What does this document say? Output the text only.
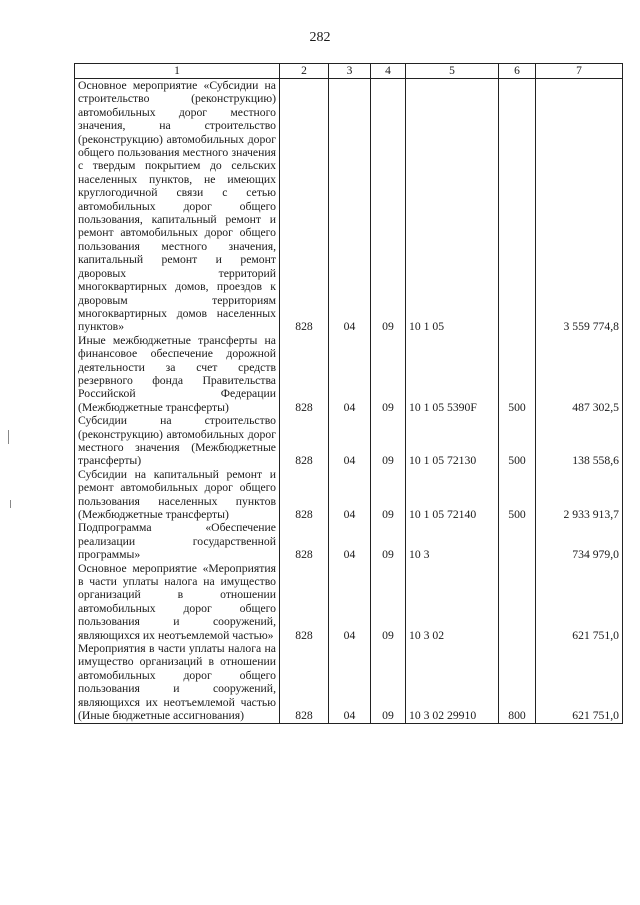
282
1	2	3	4	5	6	7
Основное мероприятие «Субсидии на строительство (реконструкцию) автомобильных дорог местного значения, на строительство (реконструкцию) автомобильных дорог общего пользования местного значения с твердым покрытием до сельских населенных пунктов, не имеющих круглогодичной связи с сетью автомобильных дорог общего пользования, капитальный ремонт и ремонт автомобильных дорог общего пользования местного значения, капитальный ремонт и ремонт дворовых территорий многоквартирных домов, проездов к дворовым территориям многоквартирных домов населенных пунктов»	828	04	09	10 1 05		3 559 774,8
Иные межбюджетные трансферты на финансовое обеспечение дорожной деятельности за счет средств резервного фонда Правительства Российской Федерации (Межбюджетные трансферты)	828	04	09	10 1 05 5390F	500	487 302,5
Субсидии на строительство (реконструкцию) автомобильных дорог местного значения (Межбюджетные трансферты)	828	04	09	10 1 05 72130	500	138 558,6
Субсидии на капитальный ремонт и ремонт автомобильных дорог общего пользования населенных пунктов (Межбюджетные трансферты)	828	04	09	10 1 05 72140	500	2 933 913,7
Подпрограмма «Обеспечение реализации государственной программы»	828	04	09	10 3		734 979,0
Основное мероприятие «Мероприятия в части уплаты налога на имущество организаций в отношении автомобильных дорог общего пользования и сооружений, являющихся их неотъемлемой частью»	828	04	09	10 3 02		621 751,0
Мероприятия в части уплаты налога на имущество организаций в отношении автомобильных дорог общего пользования и сооружений, являющихся их неотъемлемой частью (Иные бюджетные ассигнования)	828	04	09	10 3 02 29910	800	621 751,0
